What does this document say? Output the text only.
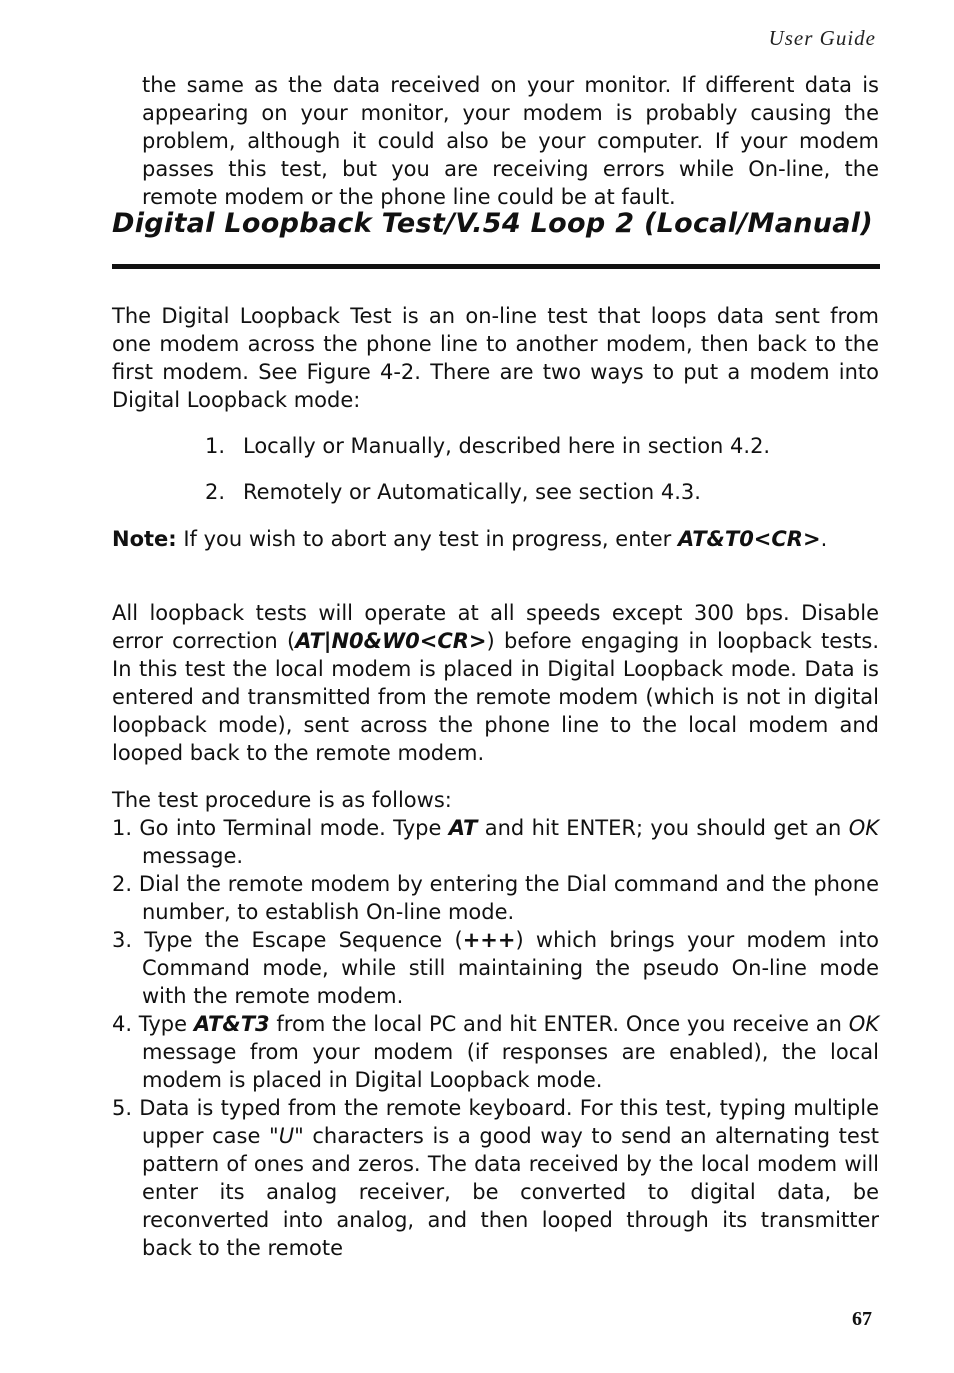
User Guide
the same as the data received on your monitor. If different data is appearing on your monitor, your modem is probably causing the problem, although it could also be your computer. If your modem passes this test, but you are receiving errors while On-line, the remote modem or the phone line could be at fault.
Digital Loopback Test/V.54 Loop 2 (Local/Manual)
The Digital Loopback Test is an on-line test that loops data sent from one modem across the phone line to another modem, then back to the first modem. See Figure 4-2. There are two ways to put a modem into Digital Loopback mode:
1. Locally or Manually, described here in section 4.2.
2. Remotely or Automatically, see section 4.3.
Note: If you wish to abort any test in progress, enter AT&T0<CR>.
All loopback tests will operate at all speeds except 300 bps. Disable error correction (AT|N0&W0<CR>) before engaging in loopback tests. In this test the local modem is placed in Digital Loopback mode. Data is entered and transmitted from the remote modem (which is not in digital loopback mode), sent across the phone line to the local modem and looped back to the remote modem.
The test procedure is as follows:
1. Go into Terminal mode. Type AT and hit ENTER; you should get an OK message.
2. Dial the remote modem by entering the Dial command and the phone number, to establish On-line mode.
3. Type the Escape Sequence (+++) which brings your modem into Command mode, while still maintaining the pseudo On-line mode with the remote modem.
4. Type AT&T3 from the local PC and hit ENTER. Once you receive an OK message from your modem (if responses are enabled), the local modem is placed in Digital Loopback mode.
5. Data is typed from the remote keyboard. For this test, typing multiple upper case "U" characters is a good way to send an alternating test pattern of ones and zeros. The data received by the local modem will enter its analog receiver, be converted to digital data, be reconverted into analog, and then looped through its transmitter back to the remote
67
